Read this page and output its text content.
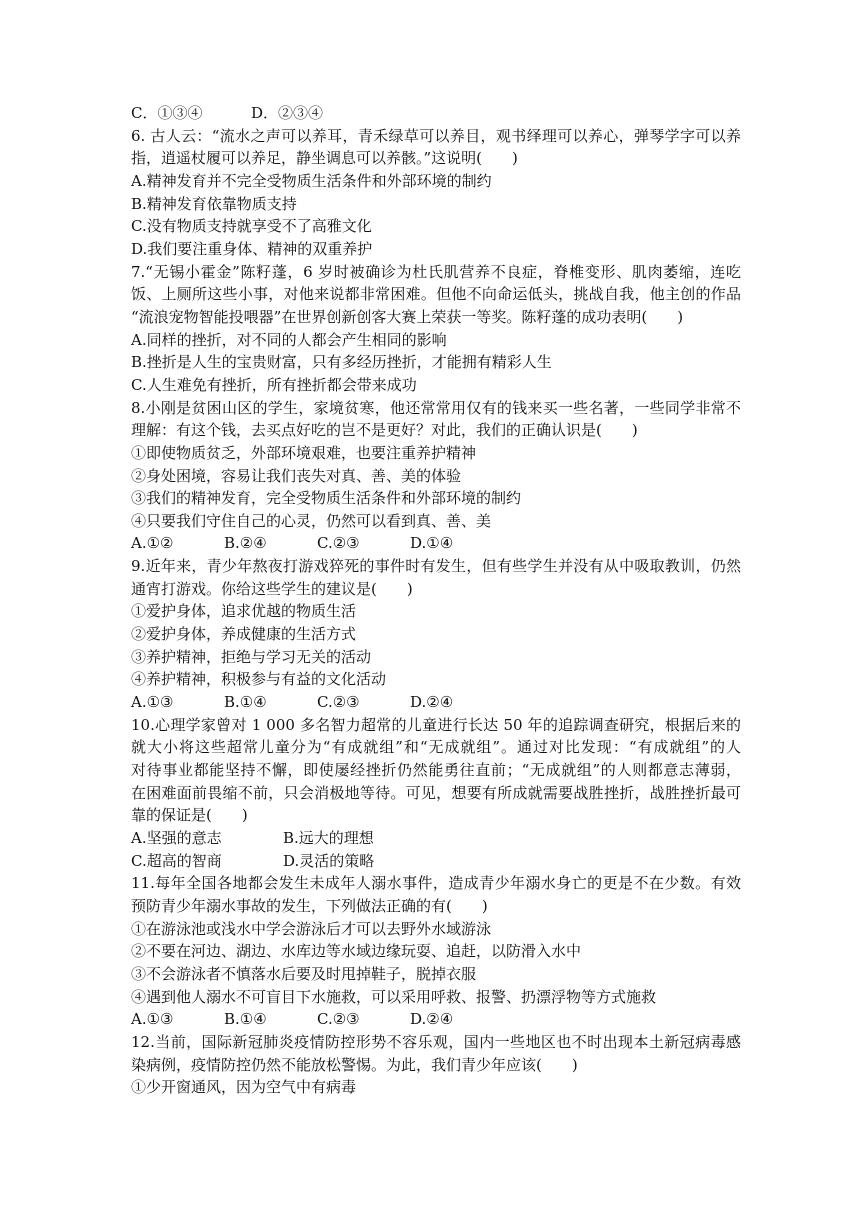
C．①③④	D．②③④
6. 古人云：“流水之声可以养耳，青禾绿草可以养目，观书绎理可以养心，弹琴学字可以养
指，逍遥杖履可以养足，静坐调息可以养骸。”这说明(　　)
A.精神发育并不完全受物质生活条件和外部环境的制约
B.精神发育依靠物质支持
C.没有物质支持就享受不了高雅文化
D.我们要注重身体、精神的双重养护
7.“无锡小霍金”陈籽蓬，6 岁时被确诊为杜氏肌营养不良症，脊椎变形、肌肉萎缩，连吃
饭、上厕所这些小事，对他来说都非常困难。但他不向命运低头，挑战自我，他主创的作品
“流浪宠物智能投喂器”在世界创新创客大赛上荣获一等奖。陈籽蓬的成功表明(　　)
A.同样的挫折，对不同的人都会产生相同的影响
B.挫折是人生的宝贵财富，只有多经历挫折，才能拥有精彩人生
C.人生难免有挫折，所有挫折都会带来成功
8.小刚是贫困山区的学生，家境贫寒，他还常常用仅有的钱来买一些名著，一些同学非常不
理解：有这个钱，去买点好吃的岂不是更好？对此，我们的正确认识是(　　)
①即使物质贫乏，外部环境艰难，也要注重养护精神
②身处困境，容易让我们丧失对真、善、美的体验
③我们的精神发育，完全受物质生活条件和外部环境的制约
④只要我们守住自己的心灵，仍然可以看到真、善、美
A.①②	B.②④	C.②③	D.①④
9.近年来，青少年熬夜打游戏猝死的事件时有发生，但有些学生并没有从中吸取教训，仍然
通宵打游戏。你给这些学生的建议是(　　)
①爱护身体，追求优越的物质生活
②爱护身体，养成健康的生活方式
③养护精神，拒绝与学习无关的活动
④养护精神，积极参与有益的文化活动
A.①③	B.①④	C.②③	D.②④
10.心理学家曾对 1 000 多名智力超常的儿童进行长达 50 年的追踪调查研究，根据后来的
就大小将这些超常儿童分为“有成就组”和“无成就组”。通过对比发现：“有成就组”的人
对待事业都能坚持不懈，即使屡经挫折仍然能勇往直前；“无成就组”的人则都意志薄弱，
在困难面前畏缩不前，只会消极地等待。可见，想要有所成就需要战胜挫折，战胜挫折最可
靠的保证是(　　)
A.坚强的意志	B.远大的理想
C.超高的智商	D.灵活的策略
11.每年全国各地都会发生未成年人溺水事件，造成青少年溺水身亡的更是不在少数。有效
预防青少年溺水事故的发生，下列做法正确的有(　　)
①在游泳池或浅水中学会游泳后才可以去野外水域游泳
②不要在河边、湖边、水库边等水域边缘玩耍、追赶，以防滑入水中
③不会游泳者不慎落水后要及时甩掉鞋子，脱掉衣服
④遇到他人溺水不可盲目下水施救，可以采用呼救、报警、扔漂浮物等方式施救
A.①③	B.①④	C.②③	D.②④
12.当前，国际新冠肺炎疫情防控形势不容乐观，国内一些地区也不时出现本土新冠病毒感
染病例，疫情防控仍然不能放松警惕。为此，我们青少年应该(　　)
①少开窗通风，因为空气中有病毒
